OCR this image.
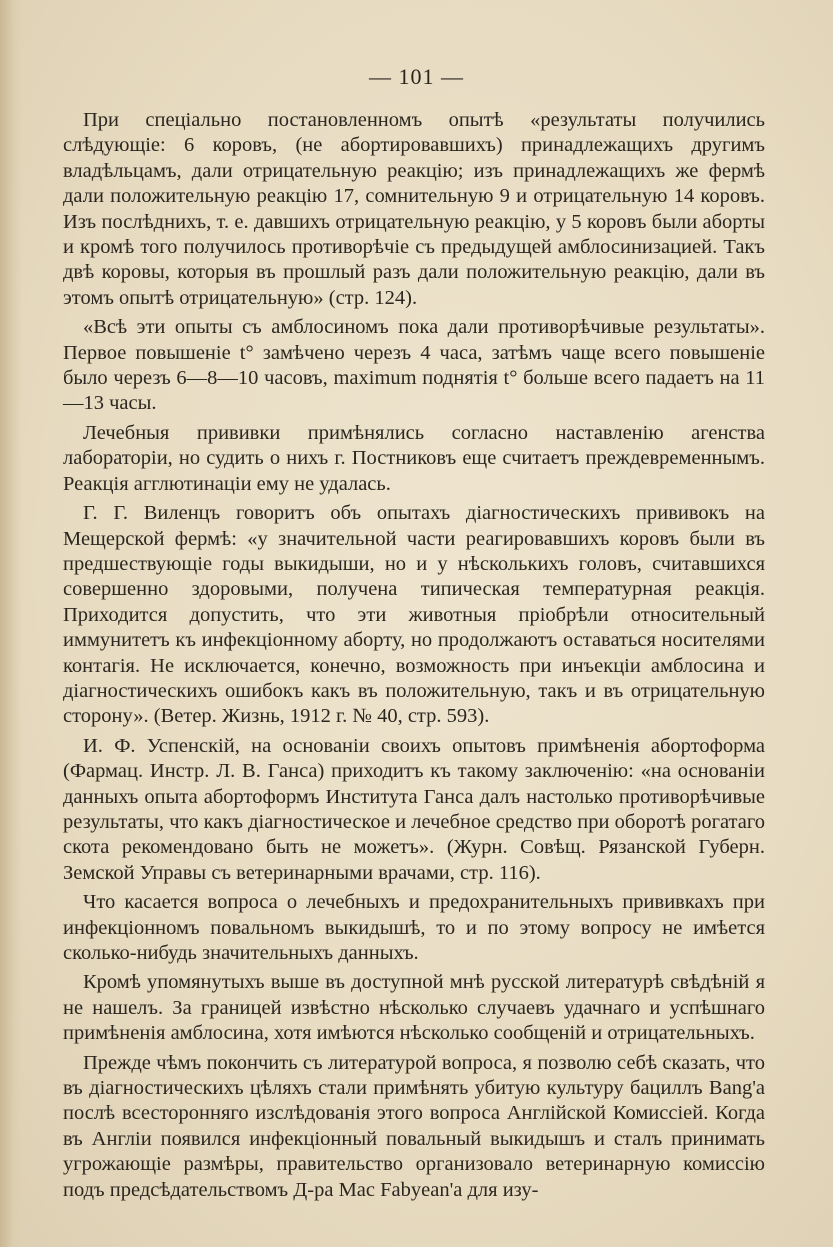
— 101 —

При спеціально постановленномъ опытѣ «результаты получились слѣдующіе: 6 коровъ, (не абортировавшихъ) принадлежащихъ другимъ владѣльцамъ, дали отрицательную реакцію; изъ принадлежащихъ же фермѣ дали положительную реакцію 17, сомнительную 9 и отрицательную 14 коровъ. Изъ послѣднихъ, т. е. давшихъ отрицательную реакцію, у 5 коровъ были аборты и кромѣ того получилось противорѣчіе съ предыдущей амблосинизацией. Такъ двѣ коровы, которыя въ прошлый разъ дали положительную реакцію, дали въ этомъ опытѣ отрицательную» (стр. 124).

«Всѣ эти опыты съ амблосиномъ пока дали противорѣчивые результаты». Первое повышеніе t° замѣчено черезъ 4 часа, затѣмъ чаще всего повышеніе было черезъ 6—8—10 часовъ, maximum поднятія t° больше всего падаетъ на 11—13 часы.

Лечебныя прививки примѣнялись согласно наставленію агенства лабораторіи, но судить о нихъ г. Постниковъ еще считаетъ преждевременнымъ. Реакція агглютинаціи ему не удалась.

Г. Г. Виленцъ говоритъ объ опытахъ діагностическихъ прививокъ на Мещерской фермѣ: «у значительной части реагировавшихъ коровъ были въ предшествующіе годы выкидыши, но и у нѣсколькихъ головъ, считавшихся совершенно здоровыми, получена типическая температурная реакція. Приходится допустить, что эти животныя пріобрѣли относительный иммунитетъ къ инфекціонному аборту, но продолжаютъ оставаться носителями контагія. Не исключается, конечно, возможность при инъекціи амблосина и діагностическихъ ошибокъ какъ въ положительную, такъ и въ отрицательную сторону». (Ветер. Жизнь, 1912 г. № 40, стр. 593).

И. Ф. Успенскій, на основаніи своихъ опытовъ примѣненія абортоформа (Фармац. Инстр. Л. В. Ганса) приходитъ къ такому заключенію: «на основаніи данныхъ опыта абортоформъ Института Ганса далъ настолько противорѣчивые результаты, что какъ діагностическое и лечебное средство при оборотѣ рогатаго скота рекомендовано быть не можетъ». (Журн. Совѣщ. Рязанской Губерн. Земской Управы съ ветеринарными врачами, стр. 116).

Что касается вопроса о лечебныхъ и предохранительныхъ прививкахъ при инфекціонномъ повальномъ выкидышѣ, то и по этому вопросу не имѣется сколько-нибудь значительныхъ данныхъ.

Кромѣ упомянутыхъ выше въ доступной мнѣ русской литературѣ свѣдѣній я не нашелъ. За границей извѣстно нѣсколько случаевъ удачнаго и успѣшнаго примѣненія амблосина, хотя имѣются нѣсколько сообщеній и отрицательныхъ.

Прежде чѣмъ покончить съ литературой вопроса, я позволю себѣ сказать, что въ діагностическихъ цѣляхъ стали примѣнять убитую культуру бациллъ Bang'а послѣ всесторонняго изслѣдованія этого вопроса Англійской Комиссіей. Когда въ Англіи появился инфекціонный повальный выкидышъ и сталъ принимать угрожающіе размѣры, правительство организовало ветеринарную комиссію подъ предсѣдательствомъ Д-ра Mac Fabyean'а для изу-
